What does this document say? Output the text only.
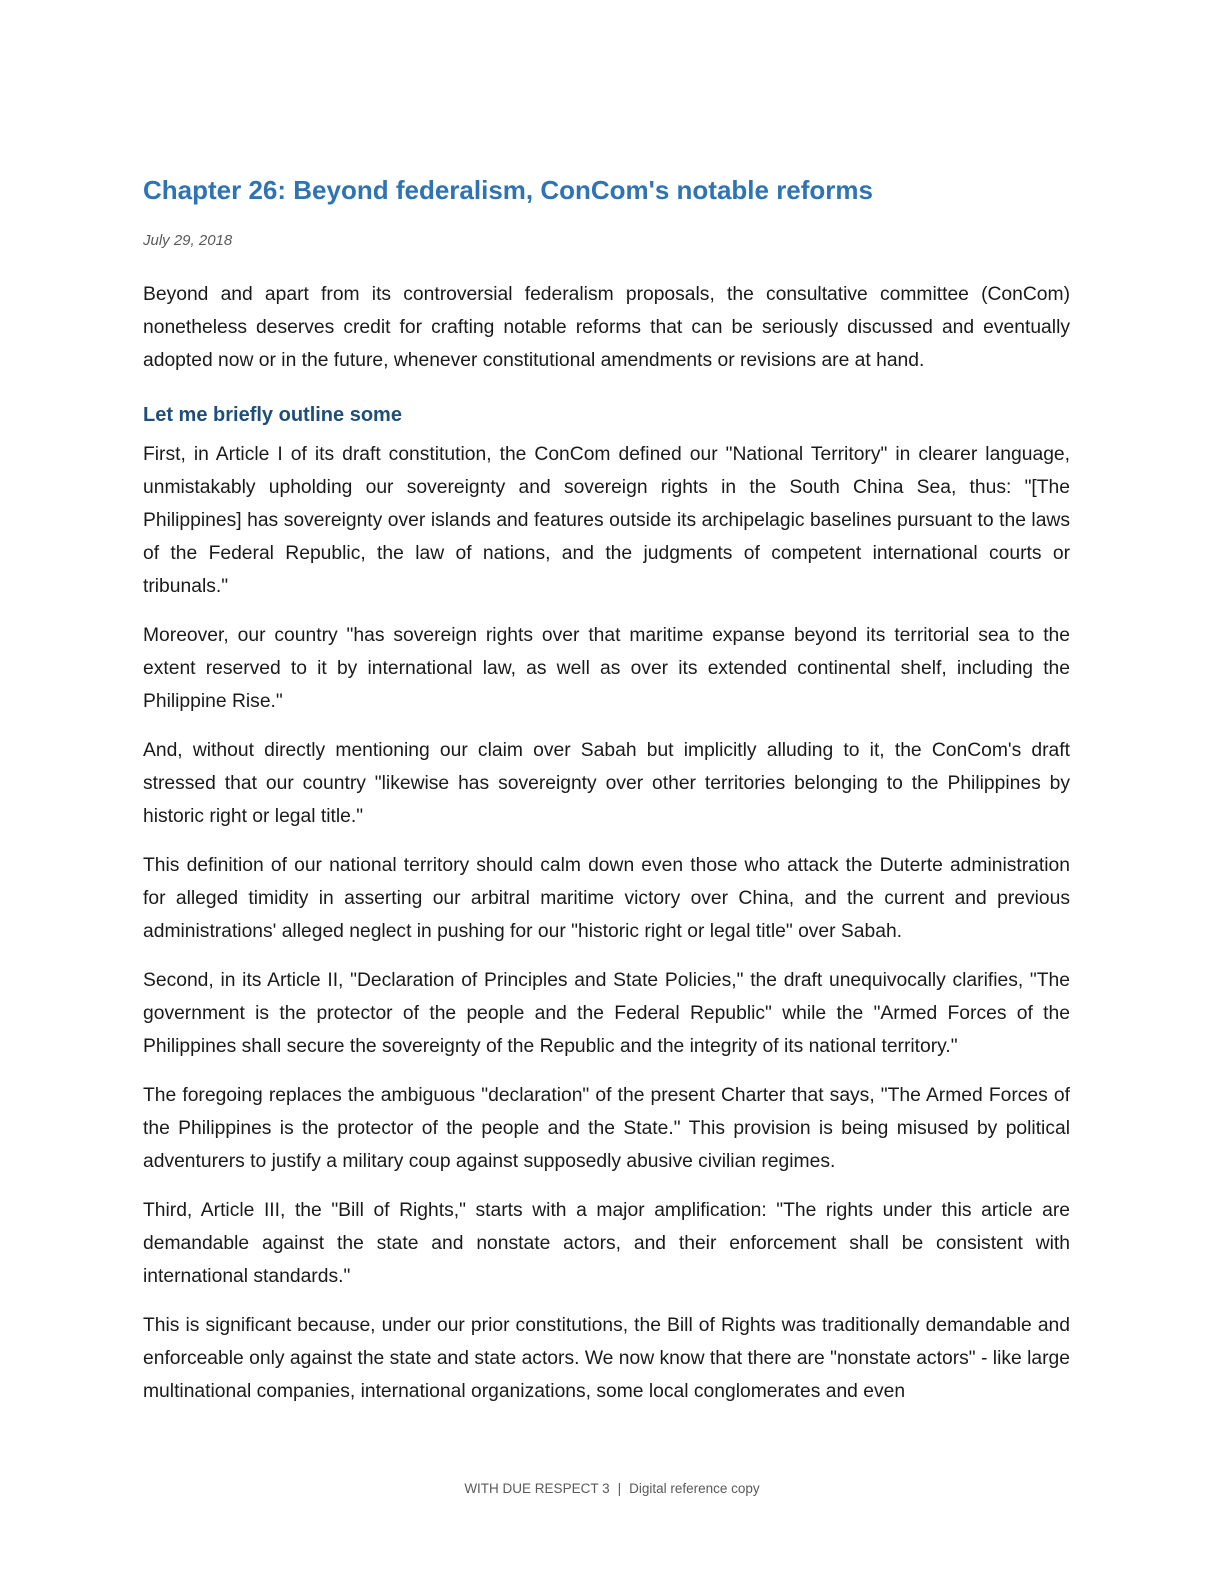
Chapter 26: Beyond federalism, ConCom's notable reforms
July 29, 2018

Beyond and apart from its controversial federalism proposals, the consultative committee (ConCom) nonetheless deserves credit for crafting notable reforms that can be seriously discussed and eventually adopted now or in the future, whenever constitutional amendments or revisions are at hand.

Let me briefly outline some

First, in Article I of its draft constitution, the ConCom defined our "National Territory" in clearer language, unmistakably upholding our sovereignty and sovereign rights in the South China Sea, thus: "[The Philippines] has sovereignty over islands and features outside its archipelagic baselines pursuant to the laws of the Federal Republic, the law of nations, and the judgments of competent international courts or tribunals."

Moreover, our country "has sovereign rights over that maritime expanse beyond its territorial sea to the extent reserved to it by international law, as well as over its extended continental shelf, including the Philippine Rise."

And, without directly mentioning our claim over Sabah but implicitly alluding to it, the ConCom's draft stressed that our country "likewise has sovereignty over other territories belonging to the Philippines by historic right or legal title."

This definition of our national territory should calm down even those who attack the Duterte administration for alleged timidity in asserting our arbitral maritime victory over China, and the current and previous administrations' alleged neglect in pushing for our "historic right or legal title" over Sabah.

Second, in its Article II, "Declaration of Principles and State Policies," the draft unequivocally clarifies, "The government is the protector of the people and the Federal Republic" while the "Armed Forces of the Philippines shall secure the sovereignty of the Republic and the integrity of its national territory."

The foregoing replaces the ambiguous "declaration" of the present Charter that says, "The Armed Forces of the Philippines is the protector of the people and the State." This provision is being misused by political adventurers to justify a military coup against supposedly abusive civilian regimes.

Third, Article III, the "Bill of Rights," starts with a major amplification: "The rights under this article are demandable against the state and nonstate actors, and their enforcement shall be consistent with international standards."

This is significant because, under our prior constitutions, the Bill of Rights was traditionally demandable and enforceable only against the state and state actors. We now know that there are "nonstate actors" - like large multinational companies, international organizations, some local conglomerates and even

WITH DUE RESPECT 3 | Digital reference copy
